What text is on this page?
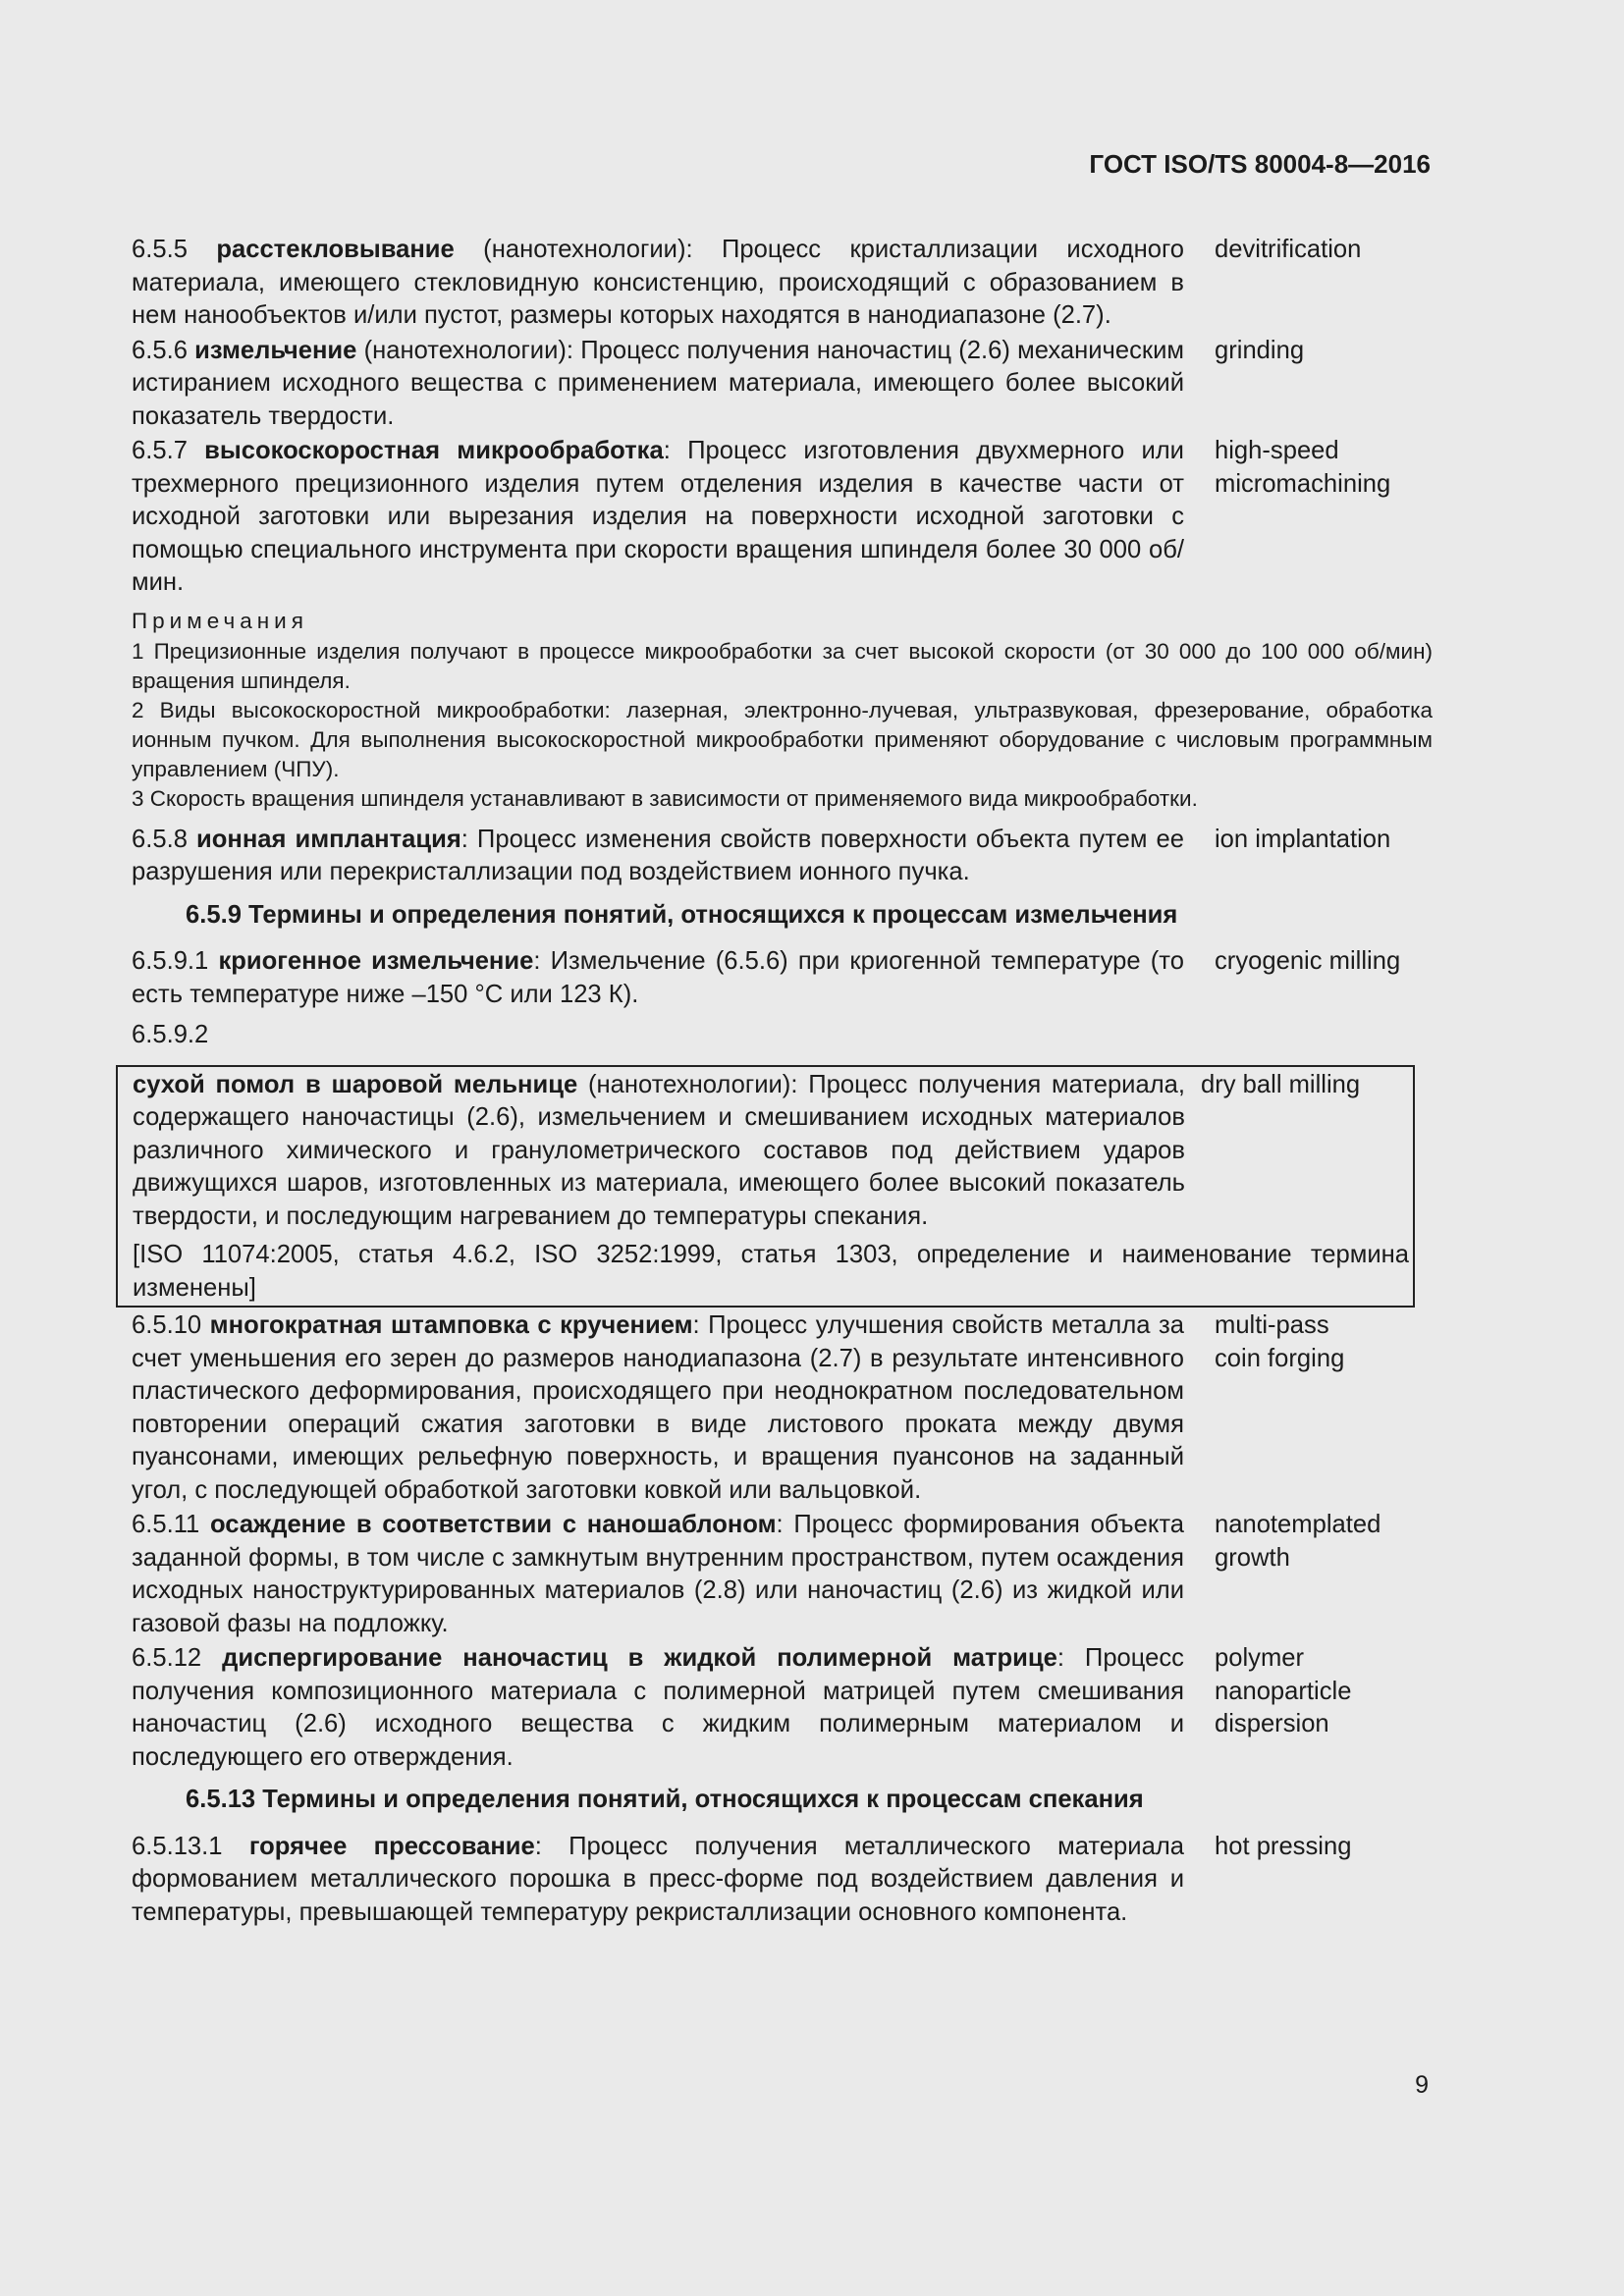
ГОСТ ISO/TS 80004-8—2016
6.5.5 расстекловывание (нанотехнологии): Процесс кристаллизации исходного материала, имеющего стекловидную консистенцию, происходящий с образованием в нем нанообъектов и/или пустот, размеры которых находятся в нанодиапазоне (2.7).
devitrification
6.5.6 измельчение (нанотехнологии): Процесс получения наночастиц (2.6) механическим истиранием исходного вещества с применением материала, имеющего более высокий показатель твердости.
grinding
6.5.7 высокоскоростная микрообработка: Процесс изготовления двухмерного или трехмерного прецизионного изделия путем отделения изделия в качестве части от исходной заготовки или вырезания изделия на поверхности исходной заготовки с помощью специального инструмента при скорости вращения шпинделя более 30 000 об/мин.
high-speed
micromachining
Примечания
1 Прецизионные изделия получают в процессе микрообработки за счет высокой скорости (от 30 000 до 100 000 об/мин) вращения шпинделя.
2 Виды высокоскоростной микрообработки: лазерная, электронно-лучевая, ультразвуковая, фрезерование, обработка ионным пучком. Для выполнения высокоскоростной микрообработки применяют оборудование с числовым программным управлением (ЧПУ).
3 Скорость вращения шпинделя устанавливают в зависимости от применяемого вида микрообработки.
6.5.8 ионная имплантация: Процесс изменения свойств поверхности объекта путем ее разрушения или перекристаллизации под воздействием ионного пучка.
ion implantation
6.5.9 Термины и определения понятий, относящихся к процессам измельчения
6.5.9.1 криогенное измельчение: Измельчение (6.5.6) при криогенной температуре (то есть температуре ниже –150 °С или 123 К).
cryogenic milling
6.5.9.2
сухой помол в шаровой мельнице (нанотехнологии): Процесс получения материала, содержащего наночастицы (2.6), измельчением и смешиванием исходных материалов различного химического и гранулометрического составов под действием ударов движущихся шаров, изготовленных из материала, имеющего более высокий показатель твердости, и последующим нагреванием до температуры спекания.
dry ball milling
[ISO 11074:2005, статья 4.6.2, ISO 3252:1999, статья 1303, определение и наименование термина изменены]
6.5.10 многократная штамповка с кручением: Процесс улучшения свойств металла за счет уменьшения его зерен до размеров нанодиапазона (2.7) в результате интенсивного пластического деформирования, происходящего при неоднократном последовательном повторении операций сжатия заготовки в виде листового проката между двумя пуансонами, имеющих рельефную поверхность, и вращения пуансонов на заданный угол, с последующей обработкой заготовки ковкой или вальцовкой.
multi-pass
coin forging
6.5.11 осаждение в соответствии с наношаблоном: Процесс формирования объекта заданной формы, в том числе с замкнутым внутренним пространством, путем осаждения исходных наноструктурированных материалов (2.8) или наночастиц (2.6) из жидкой или газовой фазы на подложку.
nanotemplated
growth
6.5.12 диспергирование наночастиц в жидкой полимерной матрице: Процесс получения композиционного материала с полимерной матрицей путем смешивания наночастиц (2.6) исходного вещества с жидким полимерным материалом и последующего его отверждения.
polymer
nanoparticle
dispersion
6.5.13 Термины и определения понятий, относящихся к процессам спекания
6.5.13.1 горячее прессование: Процесс получения металлического материала формованием металлического порошка в пресс-форме под воздействием давления и температуры, превышающей температуру рекристаллизации основного компонента.
hot pressing
9
